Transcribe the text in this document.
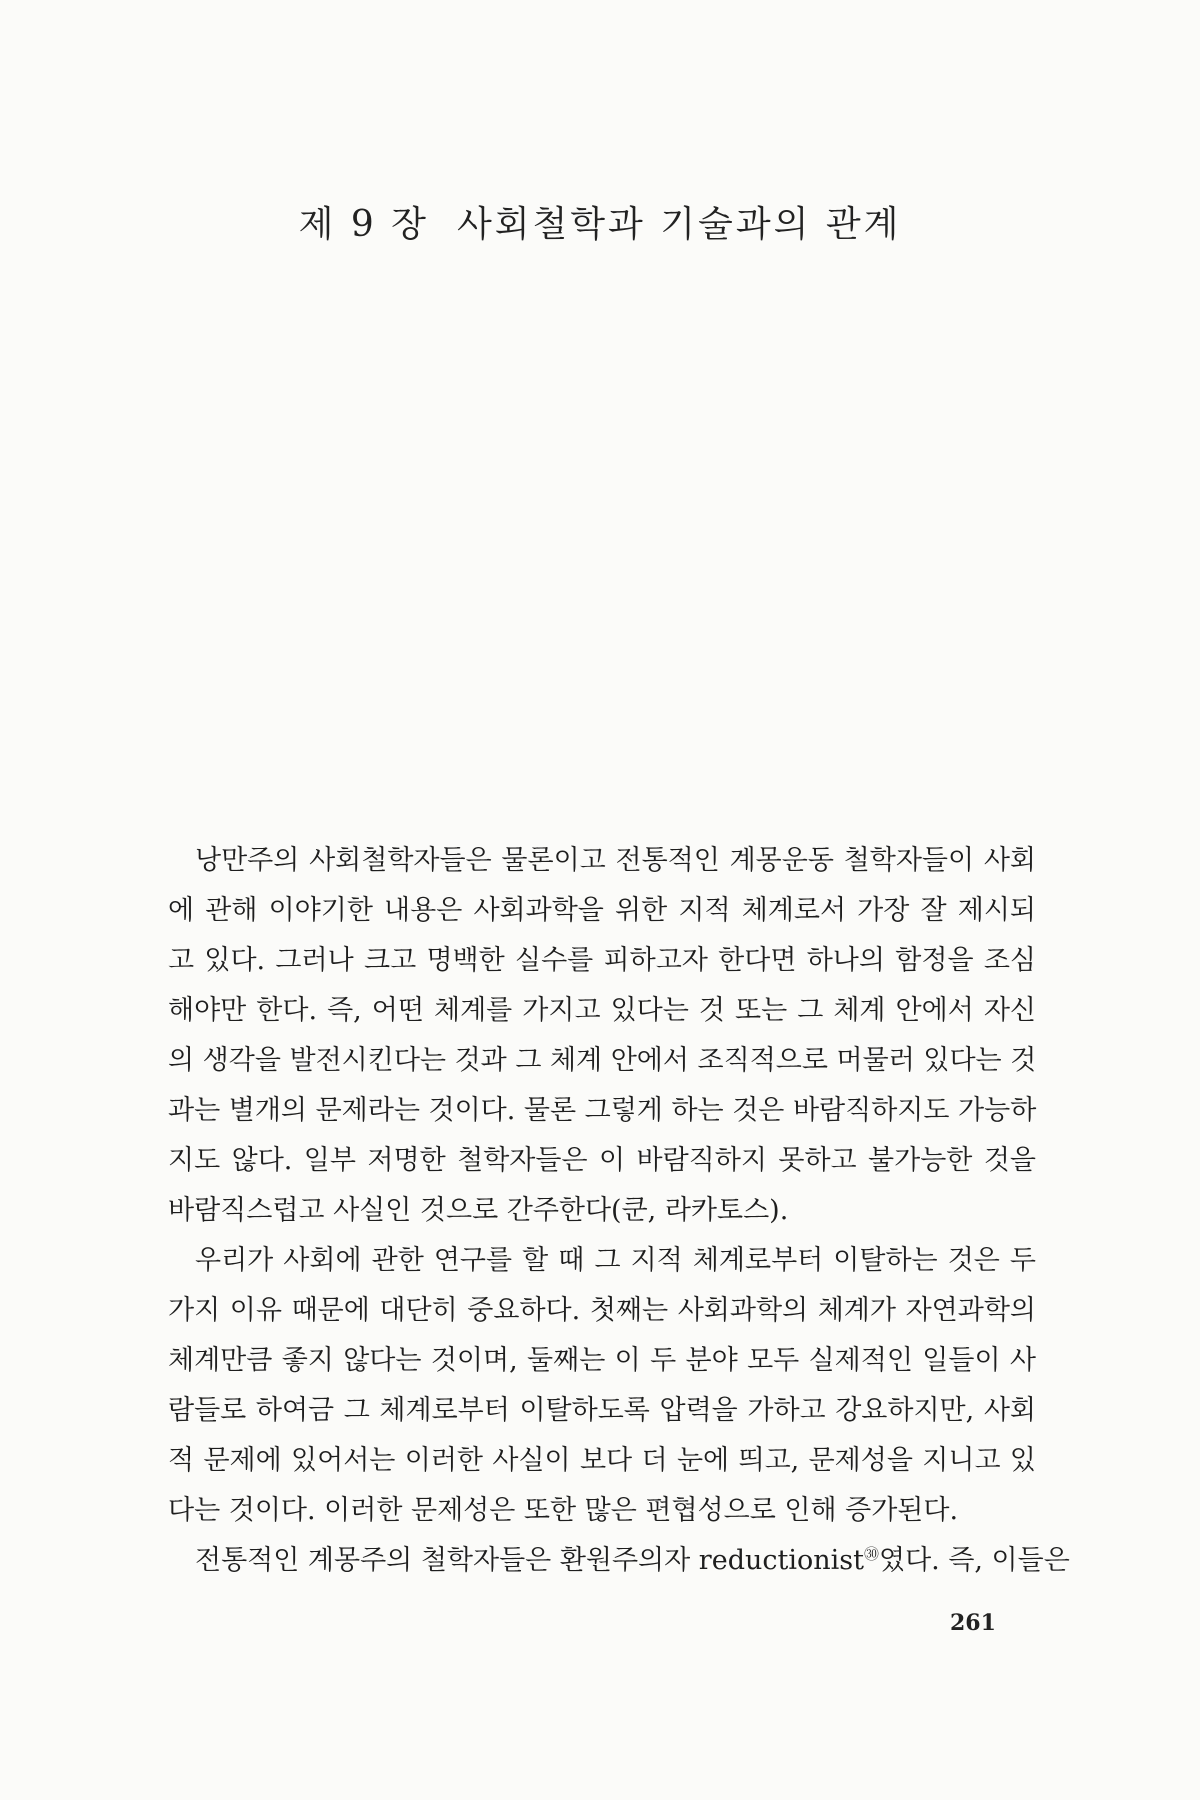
제 9 장 사회철학과 기술과의 관계
낭만주의 사회철학자들은 물론이고 전통적인 계몽운동 철학자들이 사회
에 관해 이야기한 내용은 사회과학을 위한 지적 체계로서 가장 잘 제시되
고 있다. 그러나 크고 명백한 실수를 피하고자 한다면 하나의 함정을 조심
해야만 한다. 즉, 어떤 체계를 가지고 있다는 것 또는 그 체계 안에서 자신
의 생각을 발전시킨다는 것과 그 체계 안에서 조직적으로 머물러 있다는 것
과는 별개의 문제라는 것이다. 물론 그렇게 하는 것은 바람직하지도 가능하
지도 않다. 일부 저명한 철학자들은 이 바람직하지 못하고 불가능한 것을
바람직스럽고 사실인 것으로 간주한다(쿤, 라카토스).
우리가 사회에 관한 연구를 할 때 그 지적 체계로부터 이탈하는 것은 두
가지 이유 때문에 대단히 중요하다. 첫째는 사회과학의 체계가 자연과학의
체계만큼 좋지 않다는 것이며, 둘째는 이 두 분야 모두 실제적인 일들이 사
람들로 하여금 그 체계로부터 이탈하도록 압력을 가하고 강요하지만, 사회
적 문제에 있어서는 이러한 사실이 보다 더 눈에 띄고, 문제성을 지니고 있
다는 것이다. 이러한 문제성은 또한 많은 편협성으로 인해 증가된다.
전통적인 계몽주의 철학자들은 환원주의자 reductionist$^㉚$였다. 즉, 이들은
261
